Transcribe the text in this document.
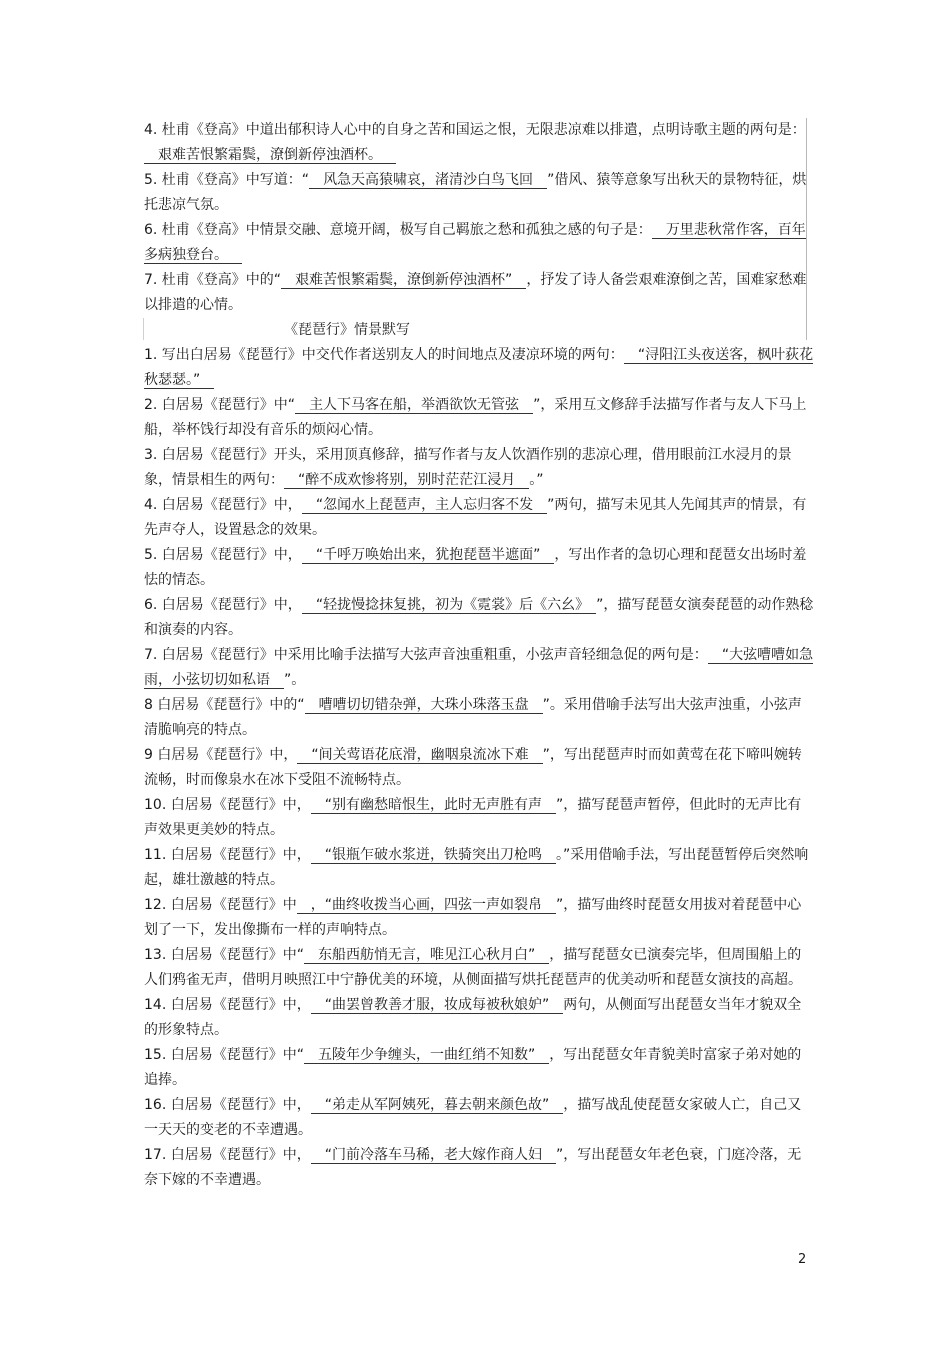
4. 杜甫《登高》中道出郁积诗人心中的自身之苦和国运之恨，无限悲凉难以排遣，点明诗歌主题的两句是：艰难苦恨繁霜鬓，潦倒新停浊酒杯。

5. 杜甫《登高》中写道：“ 风急天高猿啸哀，渚清沙白鸟飞回 ”借风、猿等意象写出秋天的景物特征，烘托悲凉气氛。

6. 杜甫《登高》中情景交融、意境开阔，极写自己羁旅之愁和孤独之感的句子是： 万里悲秋常作客，百年多病独登台。

7. 杜甫《登高》中的“ 艰难苦恨繁霜鬓，潦倒新停浊酒杯” ，抒发了诗人备尝艰难潦倒之苦，国难家愁难以排遣的心情。

《琵琶行》情景默写

1. 写出白居易《琵琶行》中交代作者送别友人的时间地点及凄凉环境的两句： “浔阳江头夜送客，枫叶荻花秋瑟瑟。”

2. 白居易《琵琶行》中“ 主人下马客在船，举酒欲饮无管弦 ”，采用互文修辞手法描写作者与友人下马上船，举杯饯行却没有音乐的烦闷心情。

3. 白居易《琵琶行》开头，采用顶真修辞，描写作者与友人饮酒作别的悲凉心理，借用眼前江水浸月的景象，情景相生的两句： “醉不成欢惨将别，别时茫茫江浸月 。”

4. 白居易《琵琶行》中， “忽闻水上琵琶声，主人忘归客不发 ”两句，描写未见其人先闻其声的情景，有先声夺人，设置悬念的效果。

5. 白居易《琵琶行》中， “千呼万唤始出来，犹抱琵琶半遮面” ，写出作者的急切心理和琵琶女出场时羞怯的情态。

6. 白居易《琵琶行》中， “轻拢慢捻抹复挑，初为《霓裳》后《六幺》 ”，描写琵琶女演奏琵琶的动作熟稔和演奏的内容。

7. 白居易《琵琶行》中采用比喻手法描写大弦声音浊重粗重，小弦声音轻细急促的两句是： “大弦嘈嘈如急雨，小弦切切如私语 ”。

8 白居易《琵琶行》中的“ 嘈嘈切切错杂弹，大珠小珠落玉盘 ”。采用借喻手法写出大弦声浊重，小弦声清脆响亮的特点。

9 白居易《琵琶行》中， “间关莺语花底滑，幽咽泉流冰下难 ”，写出琵琶声时而如黄莺在花下啼叫婉转流畅，时而像泉水在冰下受阻不流畅特点。

10. 白居易《琵琶行》中， “别有幽愁暗恨生，此时无声胜有声 ”，描写琵琶声暂停，但此时的无声比有声效果更美妙的特点。

11. 白居易《琵琶行》中， “银瓶乍破水浆迸，铁骑突出刀枪鸣 。”采用借喻手法，写出琵琶暂停后突然响起，雄壮激越的特点。

12. 白居易《琵琶行》中 ，“曲终收拨当心画，四弦一声如裂帛 ”，描写曲终时琵琶女用拔对着琵琶中心划了一下，发出像撕布一样的声响特点。

13. 白居易《琵琶行》中“ 东船西舫悄无言，唯见江心秋月白” ，描写琵琶女已演奏完毕，但周围船上的人们鸦雀无声，借明月映照江中宁静优美的环境，从侧面描写烘托琵琶声的优美动听和琵琶女演技的高超。

14. 白居易《琵琶行》中， “曲罢曾教善才服，妆成每被秋娘妒” 两句，从侧面写出琵琶女当年才貌双全的形象特点。

15. 白居易《琵琶行》中“ 五陵年少争缠头，一曲红绡不知数” ，写出琵琶女年青貌美时富家子弟对她的追捧。

16. 白居易《琵琶行》中， “弟走从军阿姨死，暮去朝来颜色故” ，描写战乱使琵琶女家破人亡，自己又一天天的变老的不幸遭遇。

17. 白居易《琵琶行》中， “门前冷落车马稀，老大嫁作商人妇 ”，写出琵琶女年老色衰，门庭冷落，无奈下嫁的不幸遭遇。

2
